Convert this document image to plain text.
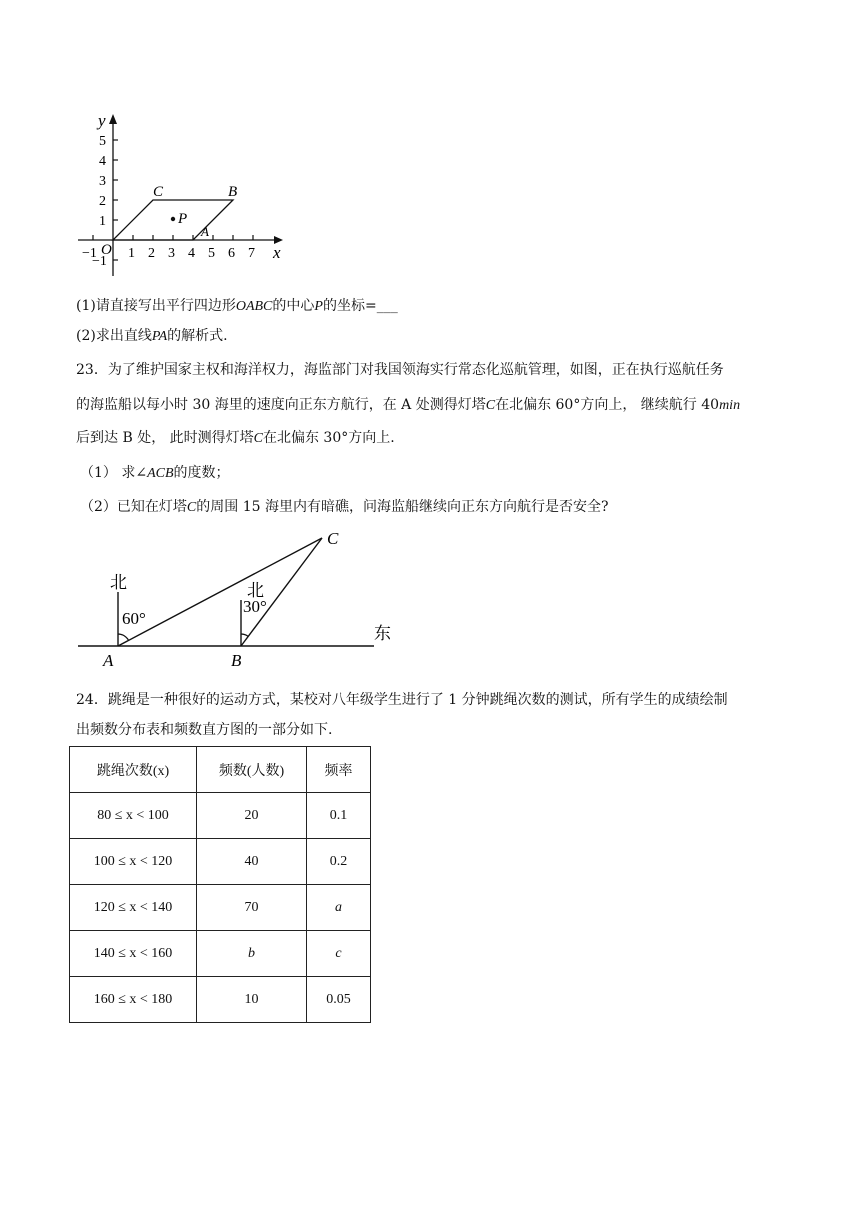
y
x
−1 1 2 3 4 5 6 7
5
4
3
2
1
−1
O
C	B
P
A
(1)请直接写出平行四边形OABC的中心P的坐标=___
(2)求出直线PA的解析式.
23．为了维护国家主权和海洋权力，海监部门对我国领海实行常态化巡航管理，如图，正在执行巡航任务
的海监船以每小时 30 海里的速度向正东方航行，在 A 处测得灯塔C在北偏东 60°方向上， 继续航行 40min
后到达 B 处， 此时测得灯塔C在北偏东 30°方向上.
（1） 求∠ACB的度数；
（2）已知在灯塔C的周围 15 海里内有暗礁，问海监船继续向正东方向航行是否安全?
北	北
东
60°
30°
A	B
C
24．跳绳是一种很好的运动方式，某校对八年级学生进行了 1 分钟跳绳次数的测试，所有学生的成绩绘制
出频数分布表和频数直方图的一部分如下.
跳绳次数(x)	频数(人数)	频率
80 ≤ x < 100	20	0.1
100 ≤ x < 120	40	0.2
120 ≤ x < 140	70	a
140 ≤ x < 160	b	c
160 ≤ x < 180	10	0.05
